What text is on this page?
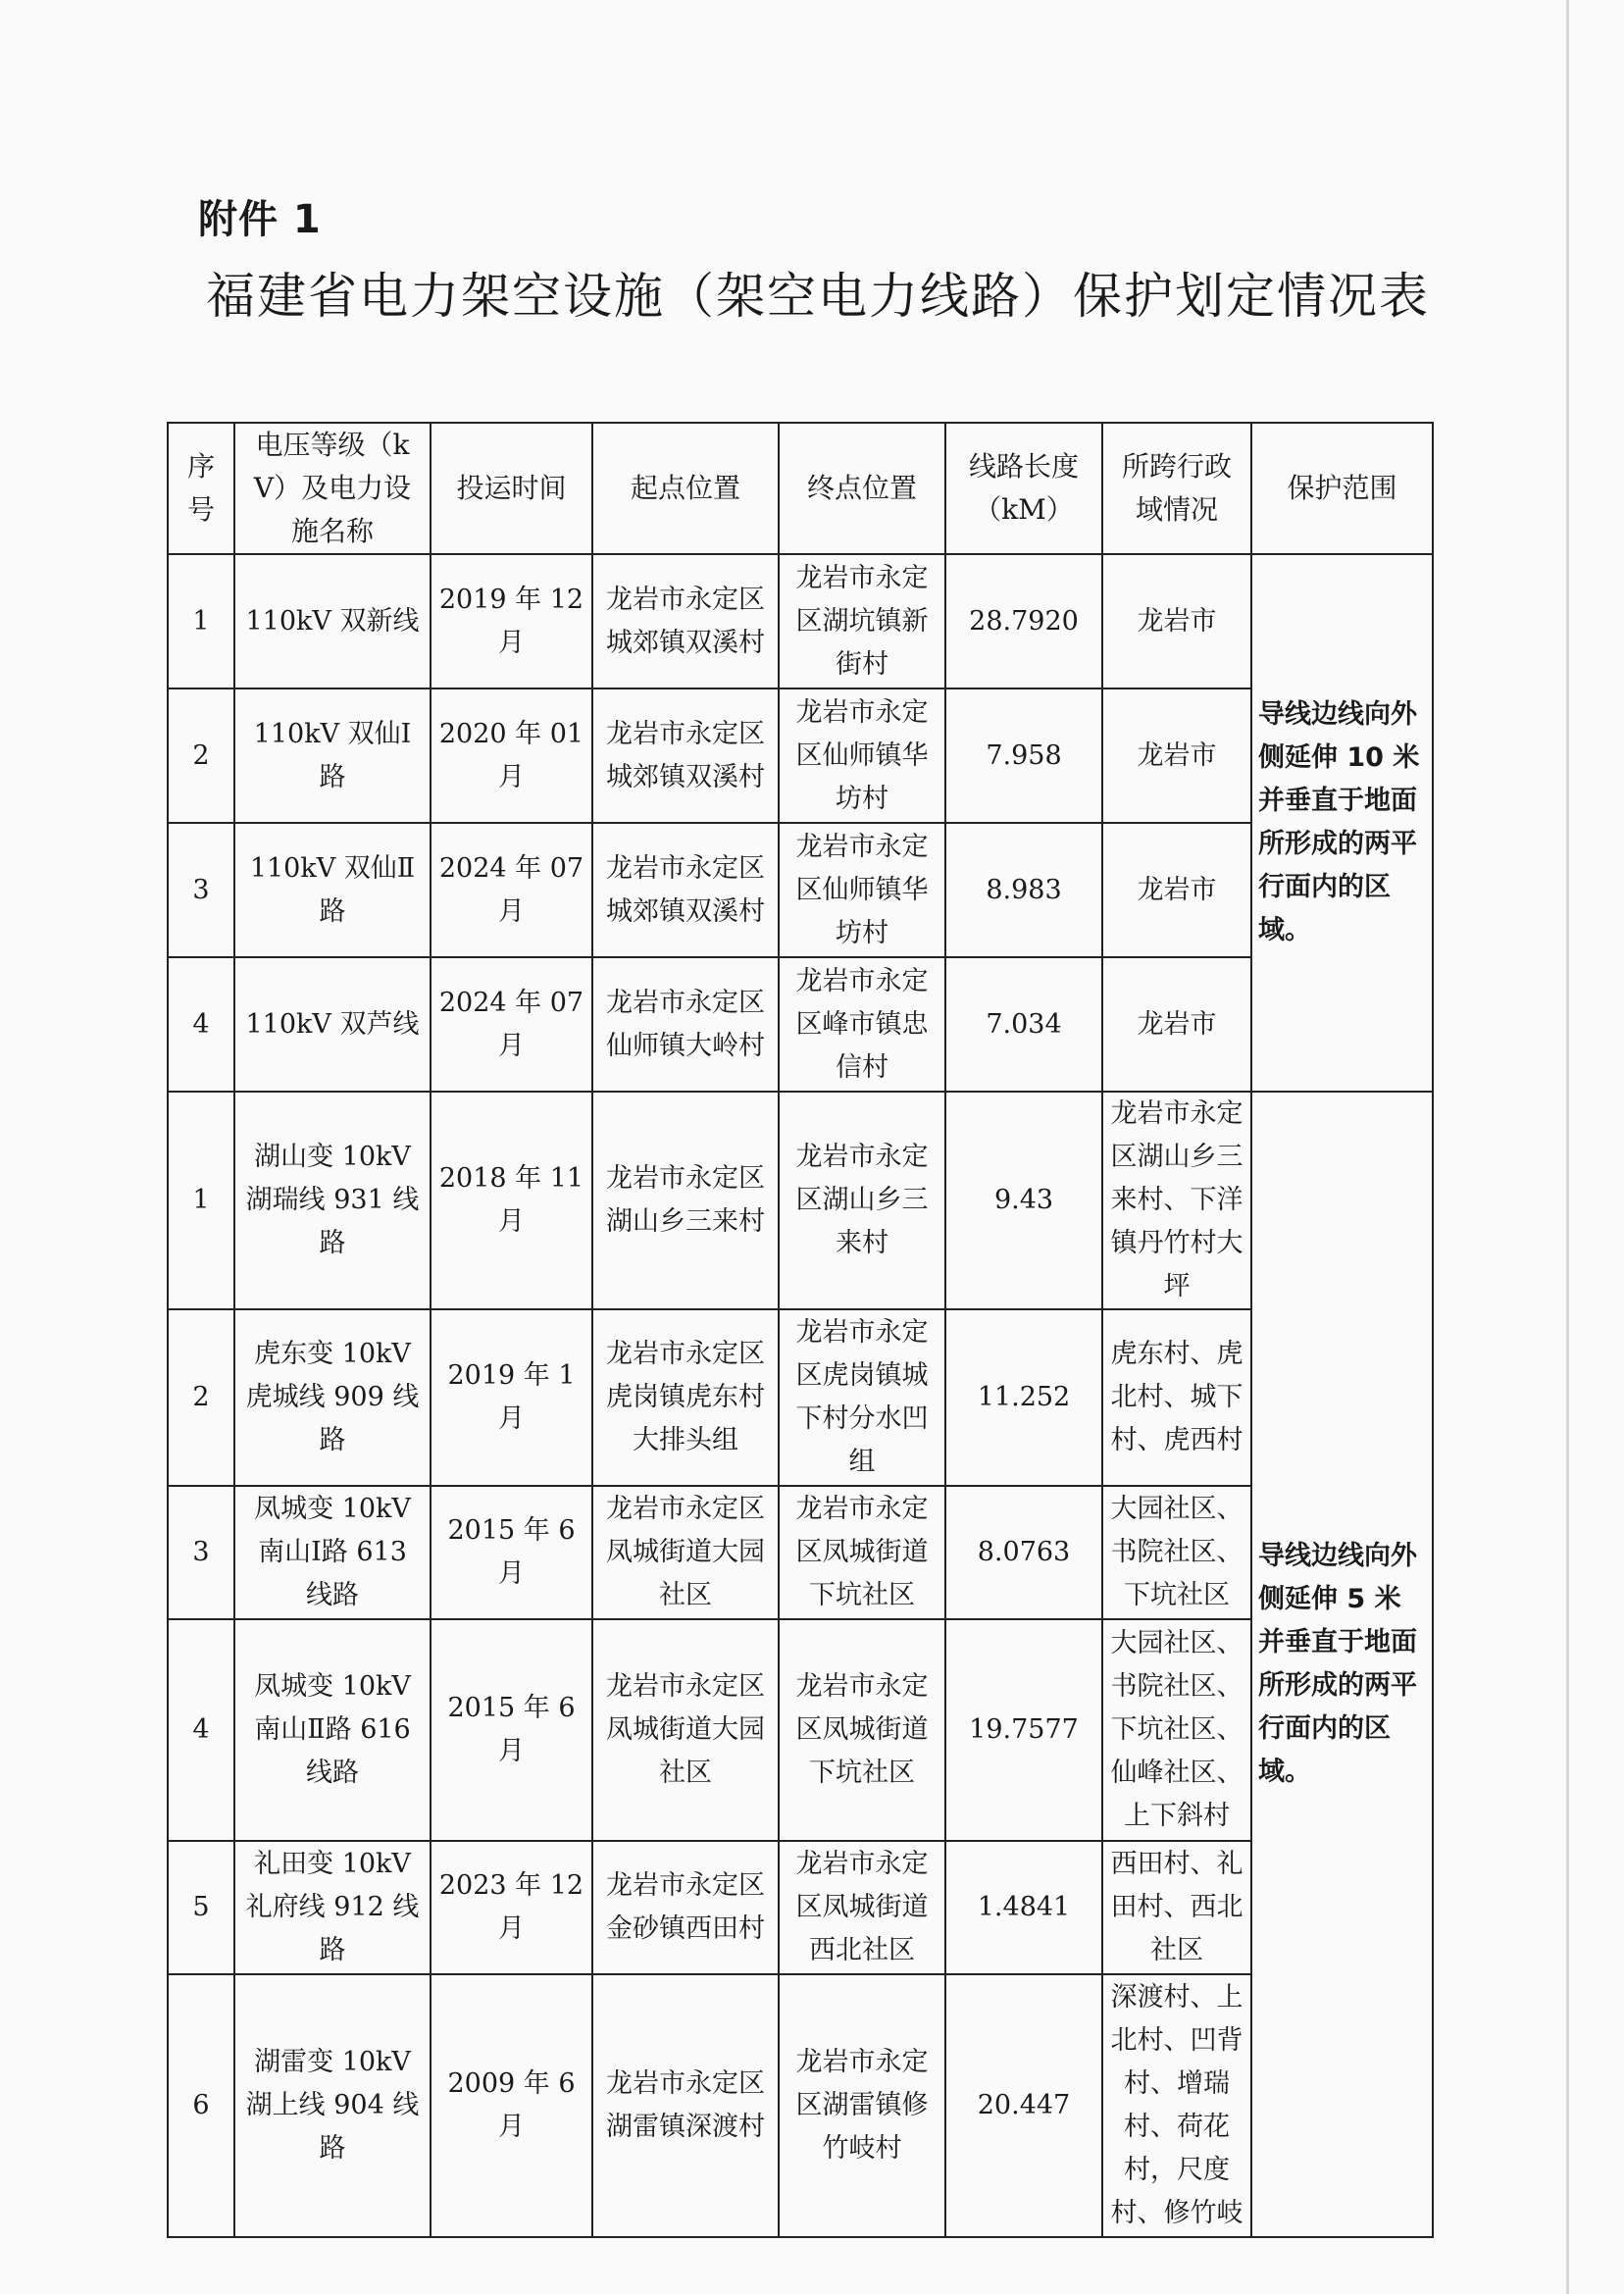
附件 1
福建省电力架空设施（架空电力线路）保护划定情况表
序号	电压等级（kV）及电力设施名称	投运时间	起点位置	终点位置	线路长度（kM）	所跨行政域情况	保护范围
1	110kV 双新线	2019 年 12 月	龙岩市永定区城郊镇双溪村	龙岩市永定区湖坑镇新街村	28.7920	龙岩市	导线边线向外侧延伸 10 米并垂直于地面所形成的两平行面内的区域。
2	110kV 双仙Ⅰ路	2020 年 01 月	龙岩市永定区城郊镇双溪村	龙岩市永定区仙师镇华坊村	7.958	龙岩市	
3	110kV 双仙Ⅱ路	2024 年 07 月	龙岩市永定区城郊镇双溪村	龙岩市永定区仙师镇华坊村	8.983	龙岩市	
4	110kV 双芦线	2024 年 07 月	龙岩市永定区仙师镇大岭村	龙岩市永定区峰市镇忠信村	7.034	龙岩市	
1	湖山变 10kV 湖瑞线 931 线路	2018 年 11 月	龙岩市永定区湖山乡三来村	龙岩市永定区湖山乡三来村	9.43	龙岩市永定区湖山乡三来村、下洋镇丹竹村大坪	导线边线向外侧延伸 5 米并垂直于地面所形成的两平行面内的区域。
2	虎东变 10kV 虎城线 909 线路	2019 年 1 月	龙岩市永定区虎岗镇虎东村大排头组	龙岩市永定区虎岗镇城下村分水凹组	11.252	虎东村、虎北村、城下村、虎西村	
3	凤城变 10kV 南山Ⅰ路 613 线路	2015 年 6 月	龙岩市永定区凤城街道大园社区	龙岩市永定区凤城街道下坑社区	8.0763	大园社区、书院社区、下坑社区	
4	凤城变 10kV 南山Ⅱ路 616 线路	2015 年 6 月	龙岩市永定区凤城街道大园社区	龙岩市永定区凤城街道下坑社区	19.7577	大园社区、书院社区、下坑社区、仙峰社区、上下斜村	
5	礼田变 10kV 礼府线 912 线路	2023 年 12 月	龙岩市永定区金砂镇西田村	龙岩市永定区凤城街道西北社区	1.4841	西田村、礼田村、西北社区	
6	湖雷变 10kV 湖上线 904 线路	2009 年 6 月	龙岩市永定区湖雷镇深渡村	龙岩市永定区湖雷镇修竹岐村	20.447	深渡村、上北村、凹背村、增瑞村、荷花村，尺度村、修竹岐	
